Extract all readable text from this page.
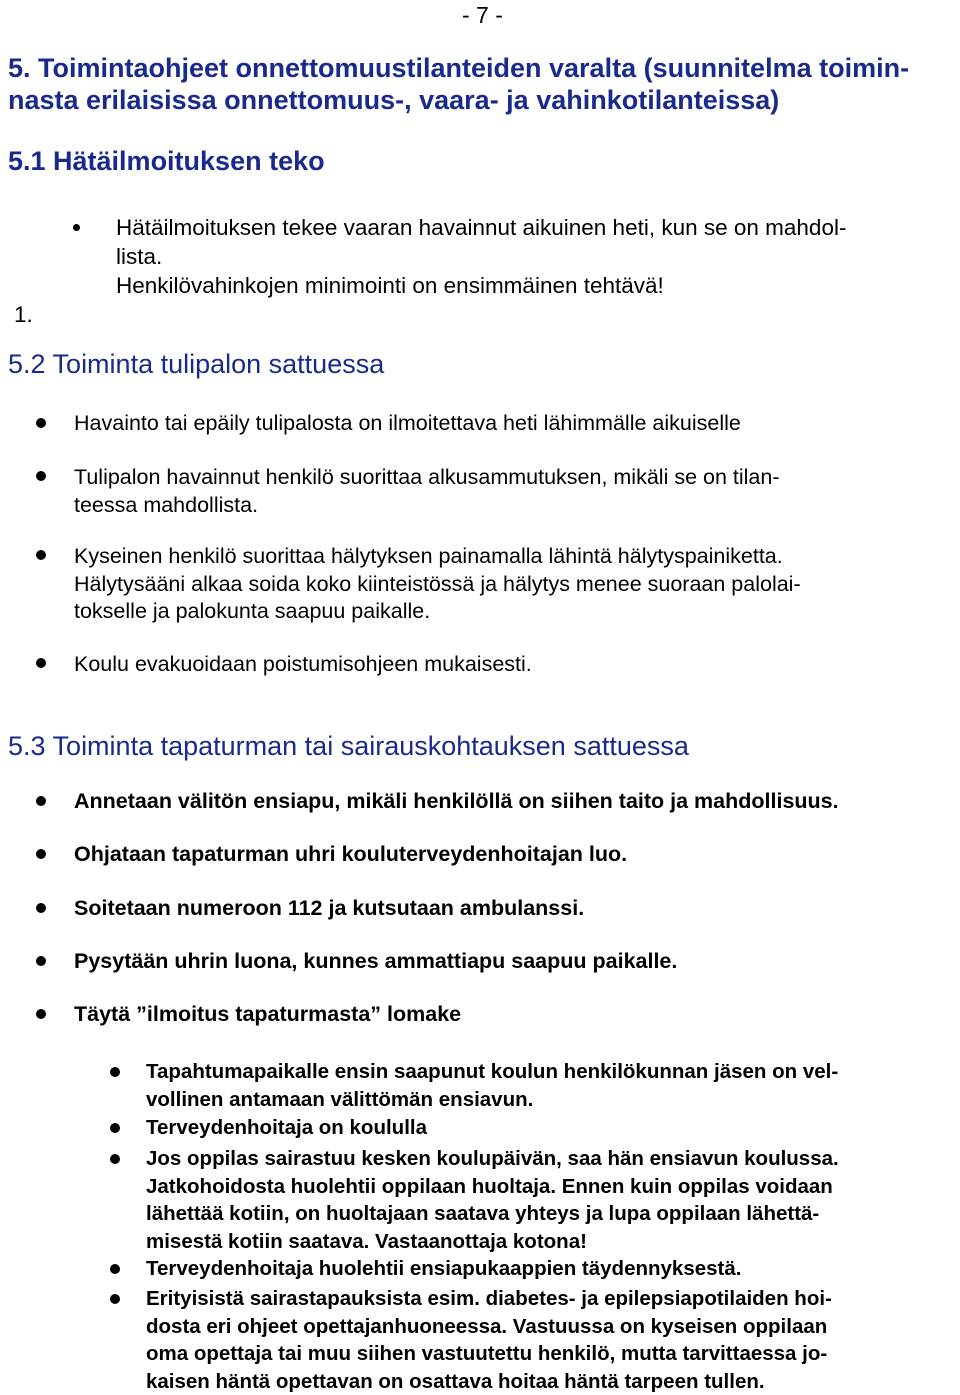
- 7 -
5. Toimintaohjeet onnettomuustilanteiden varalta (suunnitelma toimin-
nasta erilaisissa onnettomuus-, vaara- ja vahinkotilanteissa)
5.1 Hätäilmoituksen teko
Hätäilmoituksen tekee vaaran havainnut aikuinen heti, kun se on mahdol-
lista.
Henkilövahinkojen minimointi on ensimmäinen tehtävä!
1.
5.2 Toiminta tulipalon sattuessa
Havainto tai epäily tulipalosta on ilmoitettava heti lähimmälle aikuiselle
Tulipalon havainnut henkilö suorittaa alkusammutuksen, mikäli se on tilan-
teessa mahdollista.
Kyseinen henkilö suorittaa hälytyksen painamalla lähintä hälytyspainiketta.
Hälytysääni alkaa soida koko kiinteistössä ja hälytys menee suoraan palolai-
tokselle ja palokunta saapuu paikalle.
Koulu evakuoidaan poistumisohjeen mukaisesti.
5.3 Toiminta tapaturman tai sairauskohtauksen sattuessa
Annetaan välitön ensiapu, mikäli henkilöllä on siihen taito ja mahdollisuus.
Ohjataan tapaturman uhri kouluterveydenhoitajan luo.
Soitetaan numeroon 112 ja kutsutaan ambulanssi.
Pysytään uhrin luona, kunnes ammattiapu saapuu paikalle.
Täytä ”ilmoitus tapaturmasta” lomake
Tapahtumapaikalle ensin saapunut koulun henkilökunnan jäsen on vel-
vollinen antamaan välittömän ensiavun.
Terveydenhoitaja on koululla
Jos oppilas sairastuu kesken koulupäivän, saa hän ensiavun koulussa.
Jatkohoidosta huolehtii oppilaan huoltaja. Ennen kuin oppilas voidaan
lähettää kotiin, on huoltajaan saatava yhteys ja lupa oppilaan lähettä-
misestä kotiin saatava. Vastaanottaja kotona!
Terveydenhoitaja huolehtii ensiapukaappien täydennyksestä.
Erityisistä sairastapauksista esim. diabetes- ja epilepsiapotilaiden hoi-
dosta eri ohjeet opettajanhuoneessa. Vastuussa on kyseisen oppilaan
oma opettaja tai muu siihen vastuutettu henkilö, mutta tarvittaessa jo-
kaisen häntä opettavan on osattava hoitaa häntä tarpeen tullen.
